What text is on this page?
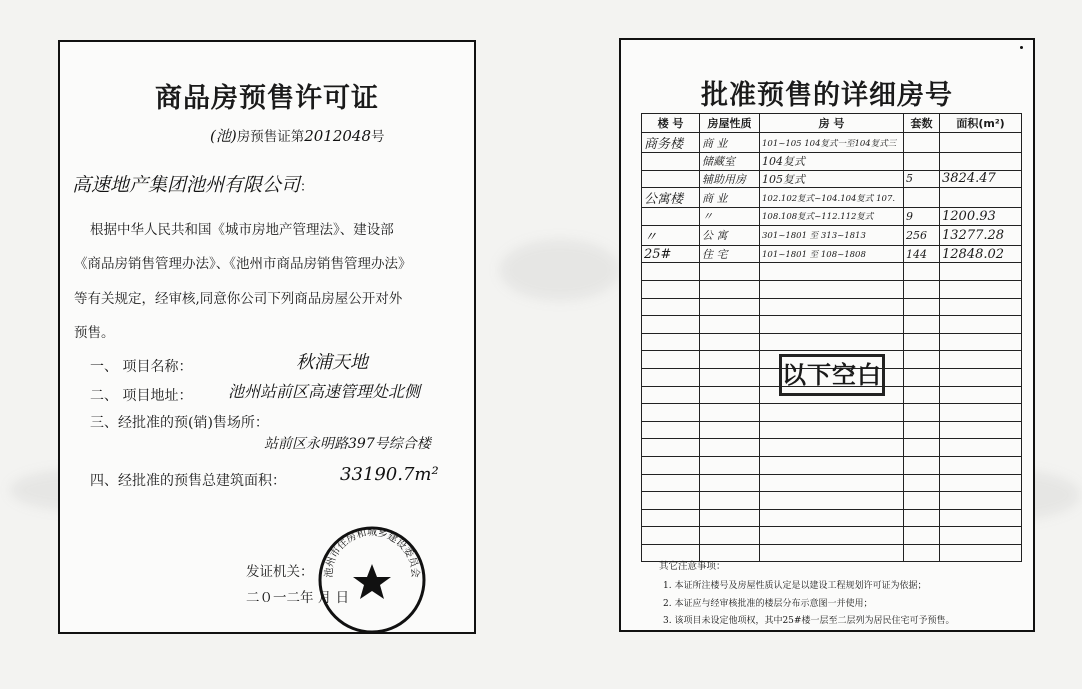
商品房预售许可证
(池)房预售证第2012048号
高速地产集团池州有限公司：
根据中华人民共和国《城市房地产管理法》、建设部
《商品房销售管理办法》、《池州市商品房销售管理办法》
等有关规定，经审核,同意你公司下列商品房屋公开对外
预售。
一、 项目名称：	秋浦天地
二、 项目地址： 池州站前区高速管理处北侧
三、经批准的预(销)售场所：
站前区永明路397号综合楼
四、经批准的预售总建筑面积：	33190.7m²
发证机关：
二０一二年 月 日
池州市住房和城乡建设委员会
批准预售的详细房号
楼 号	房屋性质	房 号	套数	面积(m²)
商务楼	商 业	101~105 104复式一至104复式三		
	储藏室	104复式		
	辅助用房	105复式	5	3824.47
公寓楼	商 业	102.102复式~104.104复式 107.		
	〃	108.108复式~112.112复式	9	1200.93
〃	公 寓	301~1801 至 313~1813	256	13277.28
25#	住 宅	101~1801 至 108~1808	144	12848.02

以下空白
其它注意事项：
1. 本证所注楼号及房屋性质认定是以建设工程规划许可证为依据；
2. 本证应与经审核批准的楼层分布示意图一并使用；
3. 该项目未设定他项权，其中25#楼一层至二层列为居民住宅可予预售。
